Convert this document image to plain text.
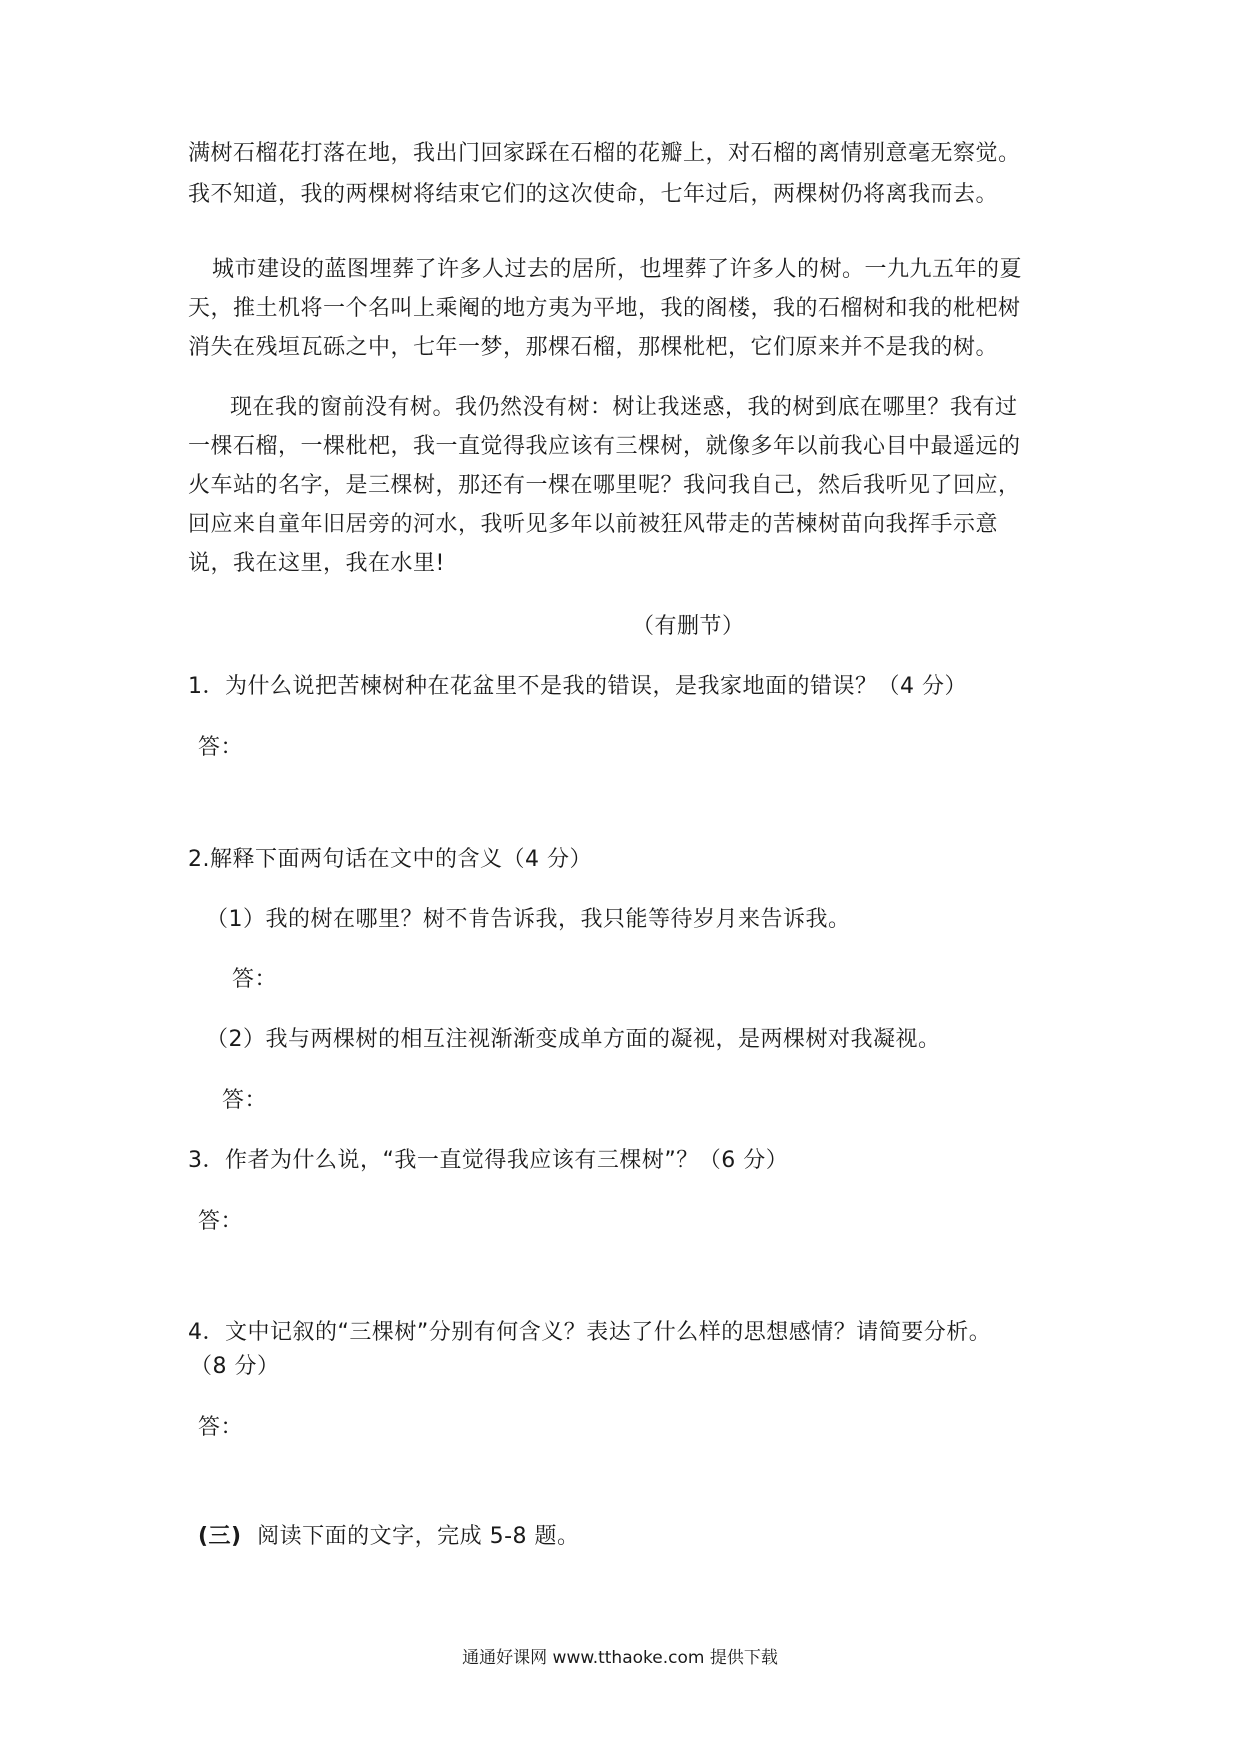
满树石榴花打落在地，我出门回家踩在石榴的花瓣上，对石榴的离情别意毫无察觉。
我不知道，我的两棵树将结束它们的这次使命，七年过后，两棵树仍将离我而去。
城市建设的蓝图埋葬了许多人过去的居所，也埋葬了许多人的树。一九九五年的夏
天，推土机将一个名叫上乘阉的地方夷为平地，我的阁楼，我的石榴树和我的枇杷树
消失在残垣瓦砾之中，七年一梦，那棵石榴，那棵枇杷，它们原来并不是我的树。
现在我的窗前没有树。我仍然没有树：树让我迷惑，我的树到底在哪里？我有过
一棵石榴，一棵枇杷，我一直觉得我应该有三棵树，就像多年以前我心目中最遥远的
火车站的名字，是三棵树，那还有一棵在哪里呢？我问我自己，然后我听见了回应，
回应来自童年旧居旁的河水，我听见多年以前被狂风带走的苦楝树苗向我挥手示意
说，我在这里，我在水里!
（有删节）
1．为什么说把苦楝树种在花盆里不是我的错误，是我家地面的错误？（4 分）
答：
2.解释下面两句话在文中的含义（4 分）
（1）我的树在哪里？树不肯告诉我，我只能等待岁月来告诉我。
答：
（2）我与两棵树的相互注视渐渐变成单方面的凝视，是两棵树对我凝视。
答：
3．作者为什么说，“我一直觉得我应该有三棵树”？（6 分）
答：
4．文中记叙的“三棵树”分别有何含义？表达了什么样的思想感情？请简要分析。
（8 分）
答：
(三) 阅读下面的文字，完成 5-8 题。
通通好课网 www.tthaoke.com 提供下载
